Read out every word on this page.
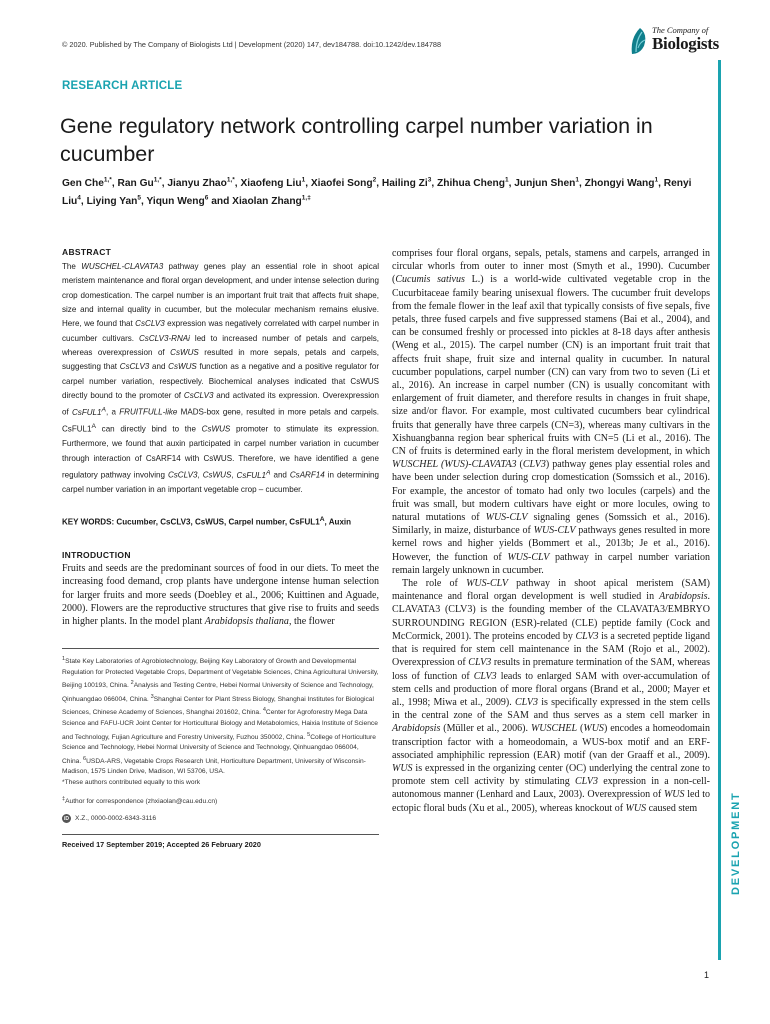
© 2020. Published by The Company of Biologists Ltd | Development (2020) 147, dev184788. doi:10.1242/dev.184788
The Company of
Biologists
RESEARCH ARTICLE
Gene regulatory network controlling carpel number variation in cucumber
Gen Che$^{1,*}$, Ran $Gu^{1,*}$, Jianyu Zhao$^{1,*}$, Xiaofeng Liu$^1$, Xiaofei Song$^2$, Hailing Zi$^3$, Zhihua Cheng$^1$, Junjun Shen$^1$, Zhongyi Wang$^1$, Renyi Liu$^4$, Liying Yan$^5$, Yiqun Weng$^6$ and Xiaolan Zhang$^{1,\ddagger}$
ABSTRACT
The WUSCHEL-CLAVATA3 pathway genes play an essential role in shoot apical meristem maintenance and floral organ development, and under intense selection during crop domestication. The carpel number is an important fruit trait that affects fruit shape, size and internal quality in cucumber, but the molecular mechanism remains elusive. Here, we found that CsCLV3 expression was negatively correlated with carpel number in cucumber cultivars. CsCLV3-RNAi led to increased number of petals and carpels, whereas overexpression of CsWUS resulted in more sepals, petals and carpels, suggesting that CsCLV3 and CsWUS function as a negative and a positive regulator for carpel number variation, respectively. Biochemical analyses indicated that CsWUS directly bound to the promoter of CsCLV3 and activated its expression. Overexpression of $CsFUL1^A$, a FRUITFULL-like MADS-box gene, resulted in more petals and carpels. $CsFUL1^A$ can directly bind to the CsWUS promoter to stimulate its expression. Furthermore, we found that auxin participated in carpel number variation in cucumber through interaction of CsARF14 with CsWUS. Therefore, we have identified a gene regulatory pathway involving CsCLV3, CsWUS, $CsFUL1^A$ and CsARF14 in determining carpel number variation in an important vegetable crop – cucumber.
KEY WORDS: Cucumber, CsCLV3, CsWUS, Carpel number, $CsFUL1^A$, Auxin
INTRODUCTION
Fruits and seeds are the predominant sources of food in our diets. To meet the increasing food demand, crop plants have undergone intense human selection for larger fruits and more seeds (Doebley et al., 2006; Kuittinen and Aguade, 2000). Flowers are the reproductive structures that give rise to fruits and seeds in higher plants. In the model plant Arabidopsis thaliana, the flower
$^1$State Key Laboratories of Agrobiotechnology, Beijing Key Laboratory of Growth and Developmental Regulation for Protected Vegetable Crops, Department of Vegetable Sciences, China Agricultural University, Beijing 100193, China. $^2$Analysis and Testing Centre, Hebei Normal University of Science and Technology, Qinhuangdao 066004, China. $^3$Shanghai Center for Plant Stress Biology, Shanghai Institutes for Biological Sciences, Chinese Academy of Sciences, Shanghai 201602, China. $^4$Center for Agroforestry Mega Data Science and FAFU-UCR Joint Center for Horticultural Biology and Metabolomics, Haixia Institute of Science and Technology, Fujian Agriculture and Forestry University, Fuzhou 350002, China. $^5$College of Horticulture Science and Technology, Hebei Normal University of Science and Technology, Qinhuangdao 066004, China. $^6$USDA-ARS, Vegetable Crops Research Unit, Horticulture Department, University of Wisconsin-Madison, 1575 Linden Drive, Madison, WI 53706, USA.
*These authors contributed equally to this work
‡Author for correspondence (zhxiaolan@cau.edu.cn)
iD X.Z., 0000-0002-6343-3116
Received 17 September 2019; Accepted 26 February 2020
comprises four floral organs, sepals, petals, stamens and carpels, arranged in circular whorls from outer to inner most (Smyth et al., 1990). Cucumber (Cucumis sativus L.) is a world-wide cultivated vegetable crop in the Cucurbitaceae family bearing unisexual flowers. The cucumber fruit develops from the female flower in the leaf axil that typically consists of five sepals, five petals, three fused carpels and five suppressed stamens (Bai et al., 2004), and can be consumed freshly or processed into pickles at 8-18 days after anthesis (Weng et al., 2015). The carpel number (CN) is an important fruit trait that affects fruit shape, fruit size and internal quality in cucumber. In natural cucumber populations, carpel number (CN) can vary from two to seven (Li et al., 2016). An increase in carpel number (CN) is usually concomitant with enlargement of fruit diameter, and therefore results in changes in fruit shape, size and/or flavor. For example, most cultivated cucumbers bear cylindrical fruits that generally have three carpels (CN=3), whereas many cultivars in the Xishuangbanna region bear spherical fruits with CN=5 (Li et al., 2016). The CN of fruits is determined early in the floral meristem development, in which WUSCHEL (WUS)-CLAVATA3 (CLV3) pathway genes play essential roles and have been under selection during crop domestication (Somssich et al., 2016). For example, the ancestor of tomato had only two locules (carpels) and the fruit was small, but modern cultivars have eight or more locules, owing to natural mutations of WUS-CLV signaling genes (Somssich et al., 2016). Similarly, in maize, disturbance of WUS-CLV pathways genes resulted in more kernel rows and higher yields (Bommert et al., 2013b; Je et al., 2016). However, the function of WUS-CLV pathway in carpel number variation remain largely unknown in cucumber.
The role of WUS-CLV pathway in shoot apical meristem (SAM) maintenance and floral organ development is well studied in Arabidopsis. CLAVATA3 (CLV3) is the founding member of the CLAVATA3/EMBRYO SURROUNDING REGION (ESR)-related (CLE) peptide family (Cock and McCormick, 2001). The proteins encoded by CLV3 is a secreted peptide ligand that is required for stem cell maintenance in the SAM (Rojo et al., 2002). Overexpression of CLV3 results in premature termination of the SAM, whereas loss of function of CLV3 leads to enlarged SAM with over-accumulation of stem cells and production of more floral organs (Brand et al., 2000; Mayer et al., 1998; Miwa et al., 2009). CLV3 is specifically expressed in the stem cells in the central zone of the SAM and thus serves as a stem cell marker in Arabidopsis (Müller et al., 2006). WUSCHEL (WUS) encodes a homeodomain transcription factor with a homeodomain, a WUS-box motif and an ERF-associated amphiphilic repression (EAR) motif (van der Graaff et al., 2009). WUS is expressed in the organizing center (OC) underlying the central zone to promote stem cell activity by stimulating CLV3 expression in a non-cell-autonomous manner (Lenhard and Laux, 2003). Overexpression of WUS led to ectopic floral buds (Xu et al., 2005), whereas knockout of WUS caused stem	DEVELOPMENT
1
